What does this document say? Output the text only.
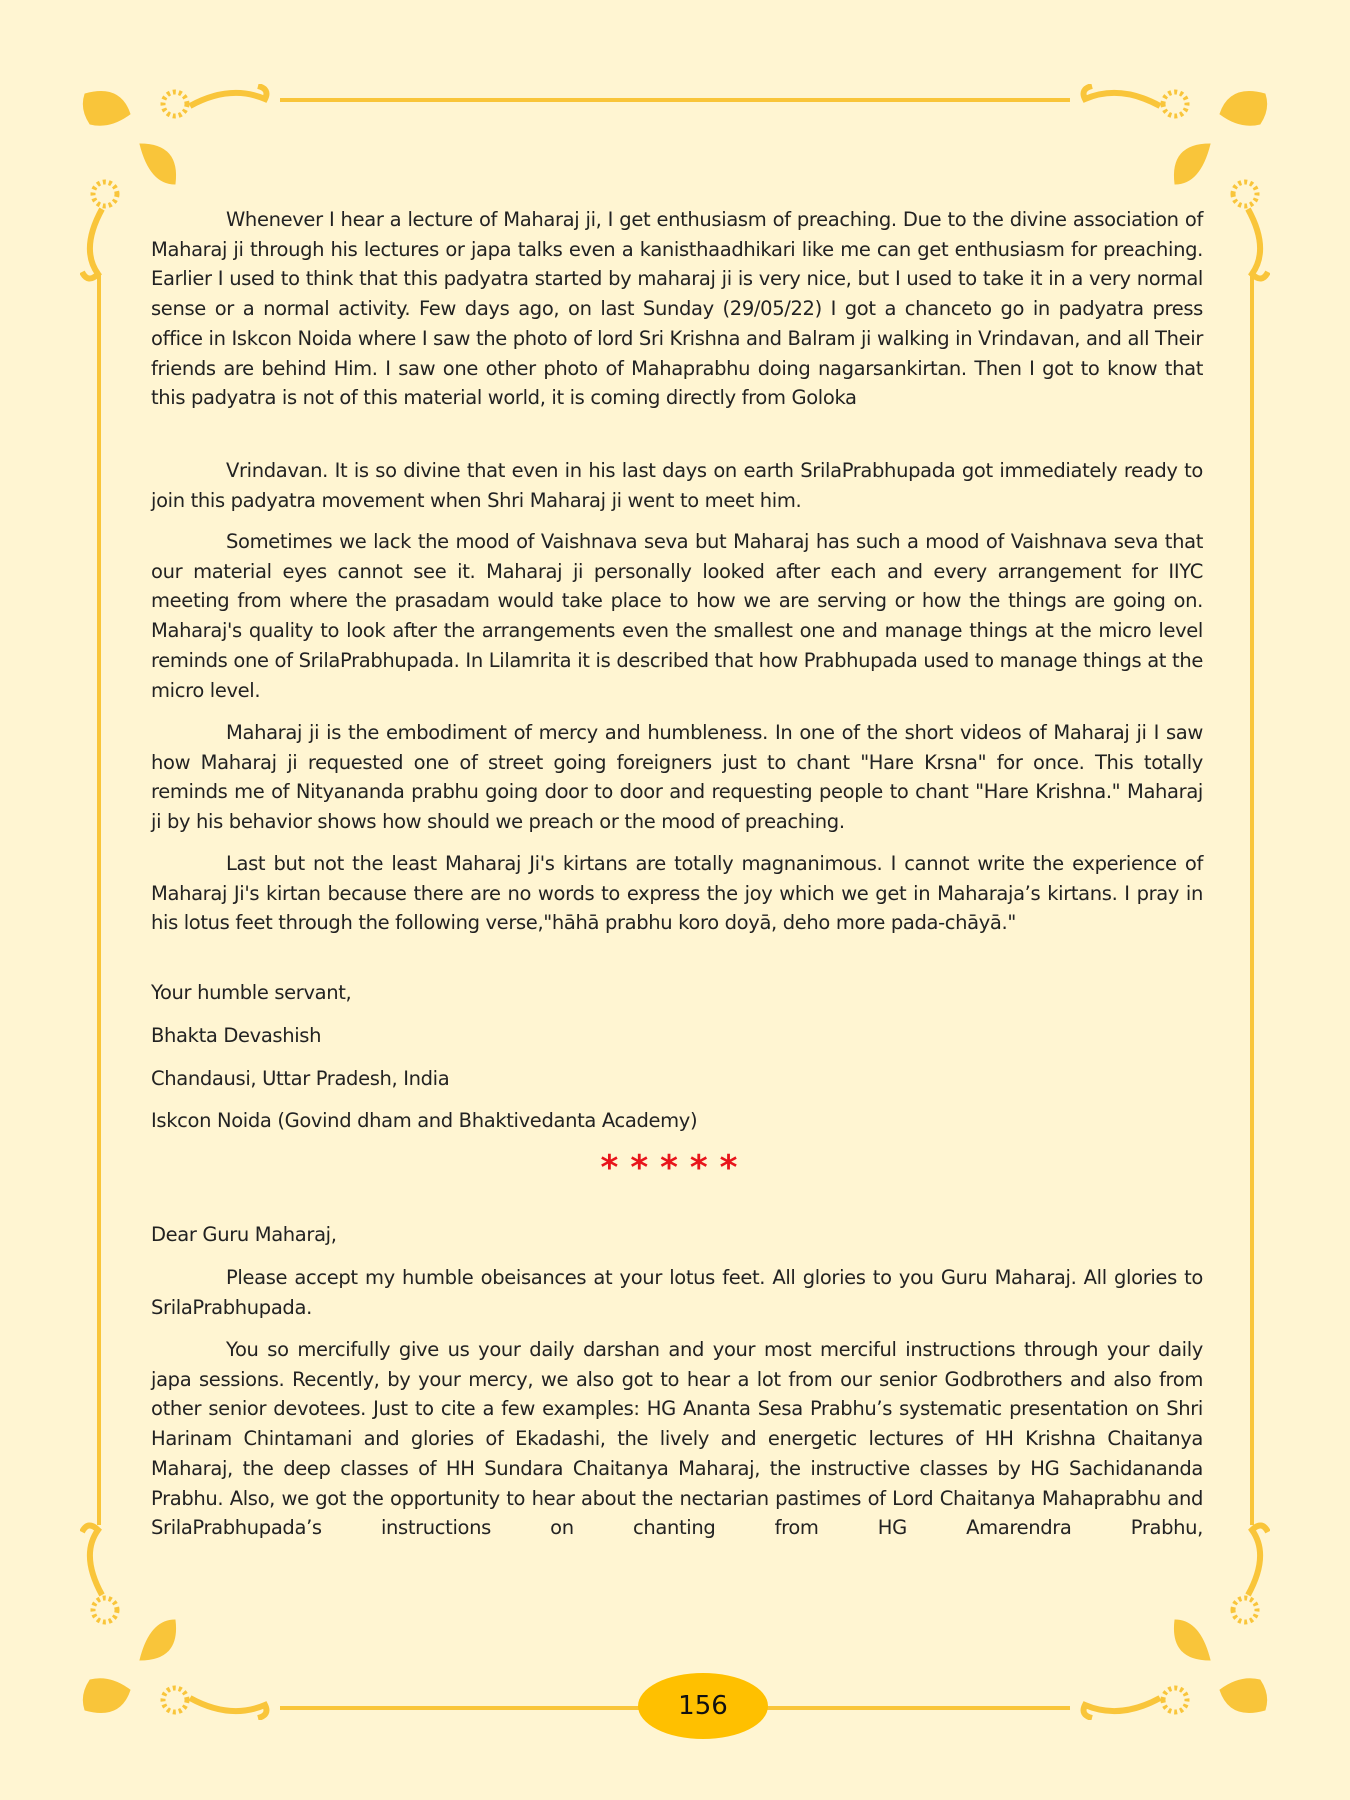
Whenever I hear a lecture of Maharaj ji, I get enthusiasm of preaching. Due to the divine association of Maharaj ji through his lectures or japa talks even a kanisthaadhikari like me can get enthusiasm for preaching. Earlier I used to think that this padyatra started by maharaj ji is very nice, but I used to take it in a very normal sense or a normal activity. Few days ago, on last Sunday (29/05/22) I got a chanceto go in padyatra press office in Iskcon Noida where I saw the photo of lord Sri Krishna and Balram ji walking in Vrindavan, and all Their friends are behind Him. I saw one other photo of Mahaprabhu doing nagarsankirtan. Then I got to know that this padyatra is not of this material world, it is coming directly from Goloka

Vrindavan. It is so divine that even in his last days on earth SrilaPrabhupada got immediately ready to join this padyatra movement when Shri Maharaj ji went to meet him.

Sometimes we lack the mood of Vaishnava seva but Maharaj has such a mood of Vaishnava seva that our material eyes cannot see it. Maharaj ji personally looked after each and every arrangement for IIYC meeting from where the prasadam would take place to how we are serving or how the things are going on. Maharaj's quality to look after the arrangements even the smallest one and manage things at the micro level reminds one of SrilaPrabhupada. In Lilamrita it is described that how Prabhupada used to manage things at the micro level.

Maharaj ji is the embodiment of mercy and humbleness. In one of the short videos of Maharaj ji I saw how Maharaj ji requested one of street going foreigners just to chant "Hare Krsna" for once. This totally reminds me of Nityananda prabhu going door to door and requesting people to chant "Hare Krishna." Maharaj ji by his behavior shows how should we preach or the mood of preaching.

Last but not the least Maharaj Ji's kirtans are totally magnanimous. I cannot write the experience of Maharaj Ji's kirtan because there are no words to express the joy which we get in Maharaja’s kirtans. I pray in his lotus feet through the following verse,"hāhā prabhu koro doyā, deho more pada-chāyā."

Your humble servant,
Bhakta Devashish
Chandausi, Uttar Pradesh, India
Iskcon Noida (Govind dham and Bhaktivedanta Academy)
*****
Dear Guru Maharaj,

Please accept my humble obeisances at your lotus feet. All glories to you Guru Maharaj. All glories to SrilaPrabhupada.

You so mercifully give us your daily darshan and your most merciful instructions through your daily japa sessions. Recently, by your mercy, we also got to hear a lot from our senior Godbrothers and also from other senior devotees. Just to cite a few examples: HG Ananta Sesa Prabhu’s systematic presentation on Shri Harinam Chintamani and glories of Ekadashi, the lively and energetic lectures of HH Krishna Chaitanya Maharaj, the deep classes of HH Sundara Chaitanya Maharaj, the instructive classes by HG Sachidananda Prabhu. Also, we got the opportunity to hear about the nectarian pastimes of Lord Chaitanya Mahaprabhu and SrilaPrabhupada’s instructions on chanting from HG Amarendra Prabhu,

156
